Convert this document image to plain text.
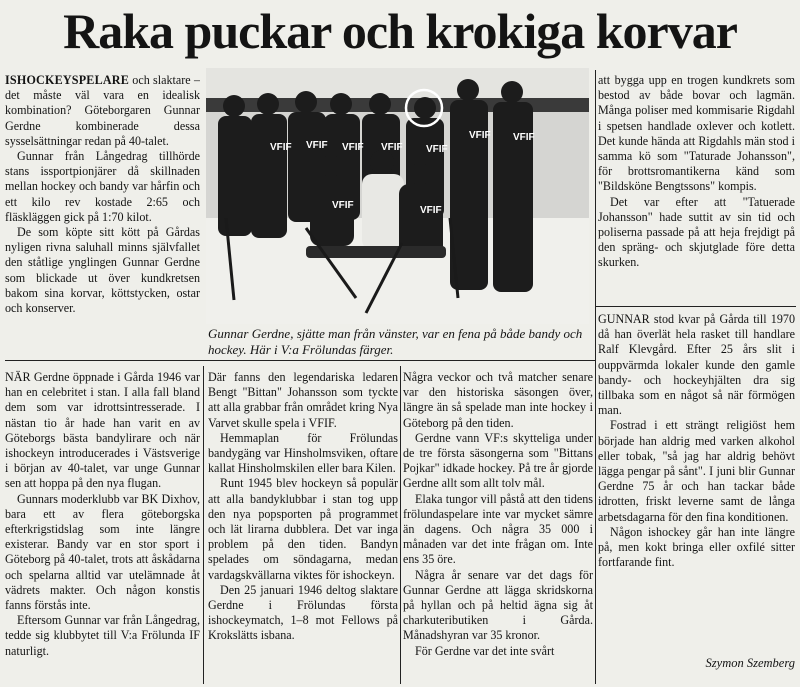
Raka puckar och krokiga korvar

ISHOCKEYSPELARE och slaktare – det måste väl vara en idealisk kombination? Göteborgaren Gunnar Gerdne kombinerade dessa sysselsättningar redan på 40-talet.

Gunnar från Långedrag tillhörde stans issportpionjärer då skillnaden mellan hockey och bandy var hårfin och ett kilo rev kostade 2:65 och fläskläggen gick på 1:70 kilot.

De som köpte sitt kött på Gårdas nyligen rivna saluhall minns självfallet den ståtlige ynglingen Gunnar Gerdne som blickade ut över kundkretsen bakom sina korvar, köttstycken, ostar och konserver.

VFIF VFIF VFIF VFIF VFIF
VFIF VFIF
VFIF	VFIF
Gunnar Gerdne, sjätte man från vänster, var en fena på både bandy och hockey. Här i V:a Frölundas färger.

att bygga upp en trogen kundkrets som bestod av både bovar och lagmän. Många poliser med kommisarie Rigdahl i spetsen handlade oxlever och kotlett. Det kunde hända att Rigdahls män stod i samma kö som "Taturade Johansson", för brottsromantikerna känd som "Bildsköne Bengtssons" kompis.

Det var efter att "Tatuerade Johansson" hade suttit av sin tid och poliserna passade på att heja frejdigt på den spräng- och skjutglade före detta skurken.

NÄR Gerdne öppnade i Gårda 1946 var han en celebritet i stan. I alla fall bland dem som var idrottsintresserade. I nästan tio år hade han varit en av Göteborgs bästa bandylirare och när ishockeyn introducerades i Västsverige i början av 40-talet, var unge Gunnar sen att hoppa på den nya flugan.

Gunnars moderklubb var BK Dixhov, bara ett av flera göteborgska efterkrigstidslag som inte längre existerar. Bandy var en stor sport i Göteborg på 40-talet, trots att åskådarna och spelarna alltid var utelämnade åt vädrets makter. Och någon konstis fanns förstås inte.

Eftersom Gunnar var från Långedrag, tedde sig klubbytet till V:a Frölunda IF naturligt.

Där fanns den legendariska ledaren Bengt "Bittan" Johansson som tyckte att alla grabbar från området kring Nya Varvet skulle spela i VFIF.

Hemmaplan för Frölundas bandygäng var Hinsholmsviken, oftare kallat Hinsholmskilen eller bara Kilen.

Runt 1945 blev hockeyn så populär att alla bandyklubbar i stan tog upp den nya popsporten på programmet och lät lirarna dubblera. Det var inga problem på den tiden. Bandyn spelades om söndagarna, medan vardagskvällarna viktes för ishockeyn.

Den 25 januari 1946 deltog slaktare Gerdne i Frölundas första ishockeymatch, 1–8 mot Fellows på Krokslätts isbana.

Några veckor och två matcher senare var den historiska säsongen över, längre än så spelade man inte hockey i Göteborg på den tiden.

Gerdne vann VF:s skytteliga under de tre första säsongerna som "Bittans Pojkar" idkade hockey. På tre år gjorde Gerdne allt som allt tolv mål.

Elaka tungor vill påstå att den tidens frölundaspelare inte var mycket sämre än dagens. Och några 35 000 i månaden var det inte frågan om. Inte ens 35 öre.

Några år senare var det dags för Gunnar Gerdne att lägga skridskorna på hyllan och på heltid ägna sig åt charkuteributiken i Gårda. Månadshyran var 35 kronor.

För Gerdne var det inte svårt

GUNNAR stod kvar på Gårda till 1970 då han överlät hela rasket till handlare Ralf Klevgård. Efter 25 års slit i ouppvärmda lokaler kunde den gamle bandy- och hockeyhjälten dra sig tillbaka som en något så när förmögen man.

Fostrad i ett strängt religiöst hem började han aldrig med varken alkohol eller tobak, "så jag har aldrig behövt lägga pengar på sånt". I juni blir Gunnar Gerdne 75 år och han tackar både idrotten, friskt leverne samt de långa arbetsdagarna för den fina konditionen.

Någon ishockey går han inte längre på, men kokt bringa eller oxfilé sitter fortfarande fint.

Szymon Szemberg
